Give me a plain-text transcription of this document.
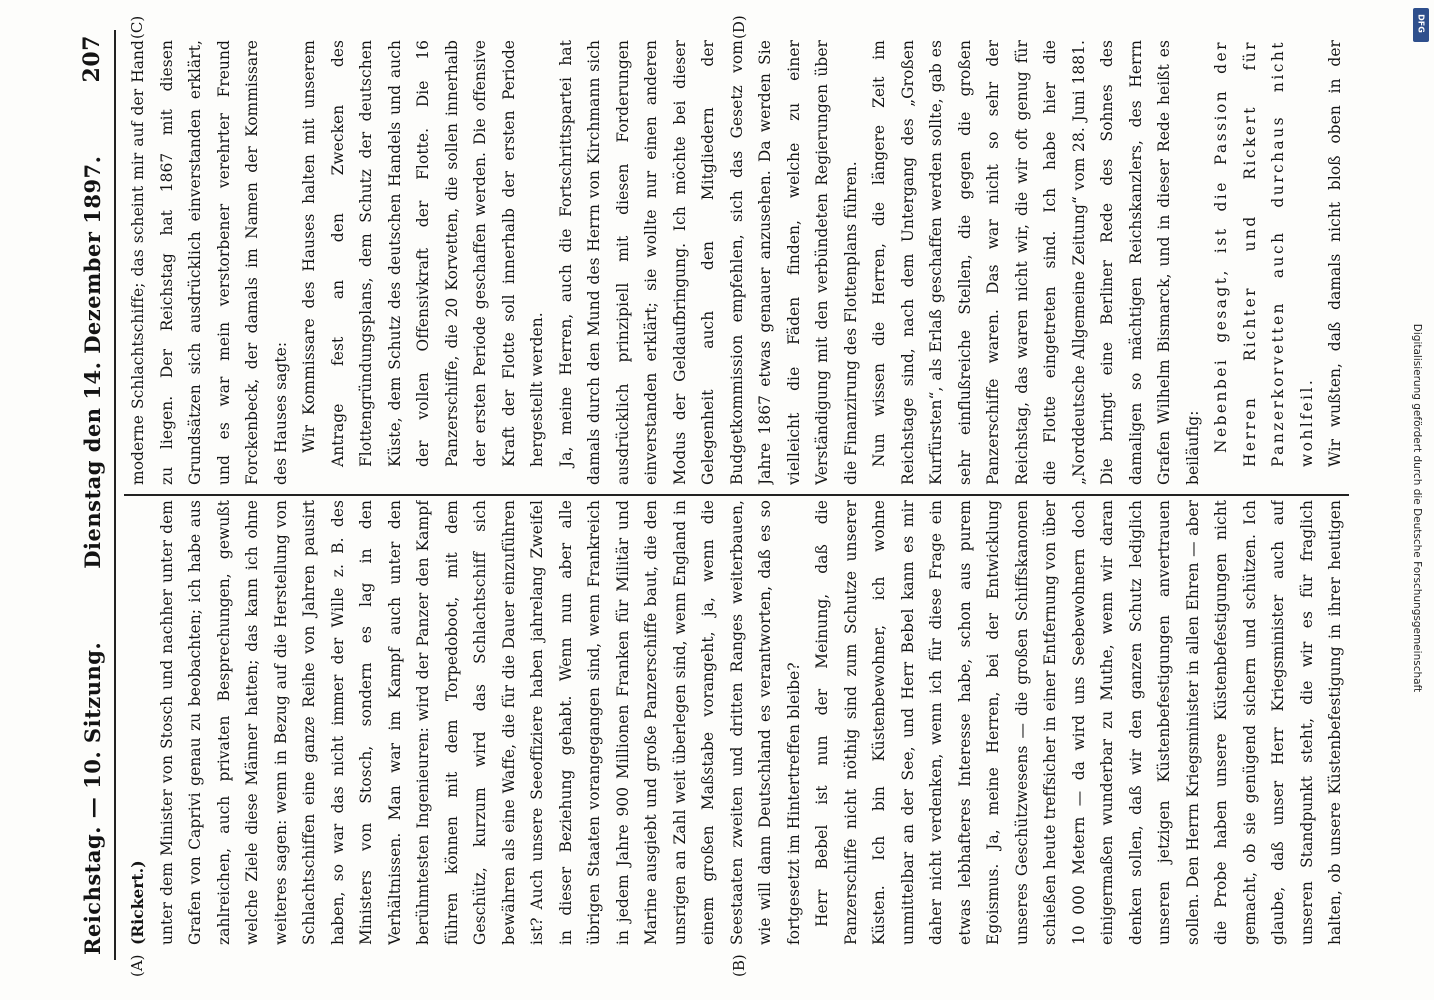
Reichstag. — 10. Sitzung.
Dienstag den 14. Dezember 1897.
207
(A)	(B)
(C)	(D)

(Rickert.) unter dem Minister von Stosch und nachher unter dem Grafen von Caprivi genau zu beobachten; ich habe aus zahlreichen, auch privaten Besprechungen, gewußt welche Ziele diese Männer hatten; das kann ich ohne weiteres sagen: wenn in Bezug auf die Herstellung von Schlachtschiffen eine ganze Reihe von Jahren pausirt haben, so war das nicht immer der Wille z. B. des Ministers von Stosch, sondern es lag in den Verhältnissen. Man war im Kampf auch unter den berühmtesten Ingenieuren: wird der Panzer den Kampf führen können mit dem Torpedoboot, mit dem Geschütz, kurzum wird das Schlachtschiff sich bewähren als eine Waffe, die für die Dauer einzuführen ist? Auch unsere Seeoffiziere haben jahrelang Zweifel in dieser Beziehung gehabt. Wenn nun aber alle übrigen Staaten vorangegangen sind, wenn Frankreich in jedem Jahre 900 Millionen Franken für Militär und Marine ausgiebt und große Panzerschiffe baut, die den unsrigen an Zahl weit überlegen sind, wenn England in einem großen Maßstabe vorangeht, ja, wenn die Seestaaten zweiten und dritten Ranges weiterbauen, wie will dann Deutschland es verantworten, daß es so fortgesetzt im Hintertreffen bleibe? Herr Bebel ist nun der Meinung, daß die Panzerschiffe nicht nöthig sind zum Schutze unserer Küsten. Ich bin Küstenbewohner, ich wohne unmittelbar an der See, und Herr Bebel kann es mir daher nicht verdenken, wenn ich für diese Frage ein etwas lebhafteres Interesse habe, schon aus purem Egoismus. Ja, meine Herren, bei der Entwicklung unseres Geschützwesens — die großen Schiffskanonen schießen heute treffsicher in einer Entfernung von über 10 000 Metern — da wird uns Seebewohnern doch einigermaßen wunderbar zu Muthe, wenn wir daran denken sollen, daß wir den ganzen Schutz lediglich unseren jetzigen Küstenbefestigungen anvertrauen sollen. Den Herrn Kriegsminister in allen Ehren — aber die Probe haben unsere Küstenbefestigungen nicht gemacht, ob sie genügend sichern und schützen. Ich glaube, daß unser Herr Kriegsminister auch auf unseren Standpunkt steht, die wir es für fraglich halten, ob unsere Küstenbefestigung in ihrer heutigen

moderne Schlachtschiffe; das scheint mir auf der Hand zu liegen. Der Reichstag hat 1867 mit diesen Grundsätzen sich ausdrücklich einverstanden erklärt, und es war mein verstorbener verehrter Freund Forckenbeck, der damals im Namen der Kommissare des Hauses sagte: Wir Kommissare des Hauses halten mit unserem Antrage fest an den Zwecken des Flottengründungsplans, dem Schutz der deutschen Küste, dem Schutz des deutschen Handels und auch der vollen Offensivkraft der Flotte. Die 16 Panzerschiffe, die 20 Korvetten, die sollen innerhalb der ersten Periode geschaffen werden. Die offensive Kraft der Flotte soll innerhalb der ersten Periode hergestellt werden. Ja, meine Herren, auch die Fortschrittspartei hat damals durch den Mund des Herrn von Kirchmann sich ausdrücklich prinzipiell mit diesen Forderungen einverstanden erklärt; sie wollte nur einen anderen Modus der Geldaufbringung. Ich möchte bei dieser Gelegenheit auch den Mitgliedern der Budgetkommission empfehlen, sich das Gesetz vom Jahre 1867 etwas genauer anzusehen. Da werden Sie vielleicht die Fäden finden, welche zu einer Verständigung mit den verbündeten Regierungen über die Finanzirung des Flottenplans führen. Nun wissen die Herren, die längere Zeit im Reichstage sind, nach dem Untergang des „Großen Kurfürsten“, als Erlaß geschaffen werden sollte, gab es sehr einflußreiche Stellen, die gegen die großen Panzerschiffe waren. Das war nicht so sehr der Reichstag, das waren nicht wir, die wir oft genug für die Flotte eingetreten sind. Ich habe hier die „Norddeutsche Allgemeine Zeitung“ vom 28. Juni 1881. Die bringt eine Berliner Rede des Sohnes des damaligen so mächtigen Reichskanzlers, des Herrn Grafen Wilhelm Bismarck, und in dieser Rede heißt es beiläufig: Nebenbei gesagt, ist die Passion der Herren Richter und Rickert für Panzerkorvetten auch durchaus nicht wohlfeil. Wir wußten, daß damals nicht bloß oben in der

DFG
Digitalisierung gefördert durch die Deutsche Forschungsgemeinschaft
